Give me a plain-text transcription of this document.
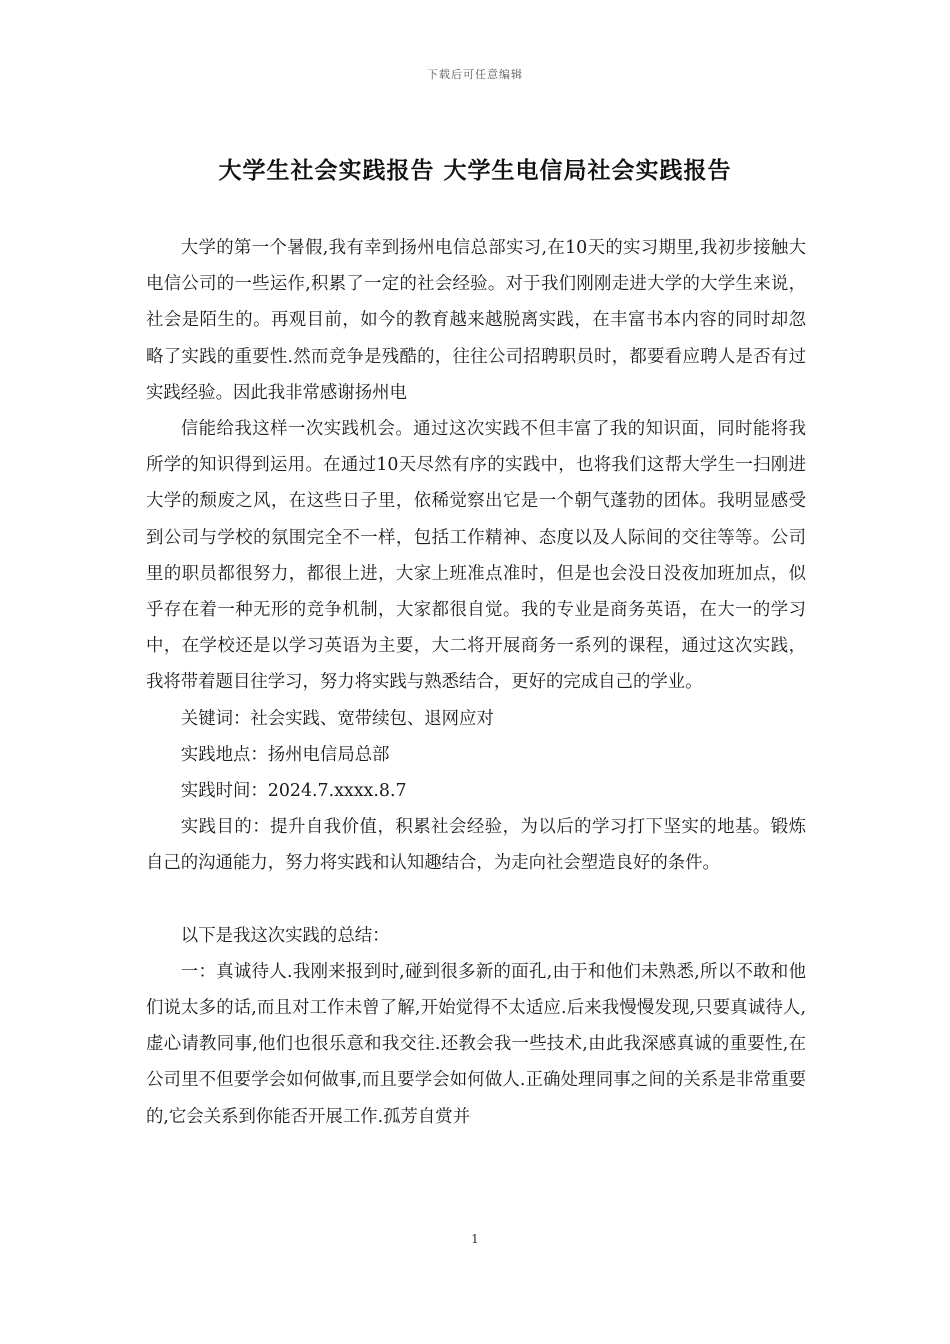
下载后可任意编辑
大学生社会实践报告 大学生电信局社会实践报告

大学的第一个暑假,我有幸到扬州电信总部实习,在10天的实习期里,我初步接触大电信公司的一些运作,积累了一定的社会经验。对于我们刚刚走进大学的大学生来说，社会是陌生的。再观目前，如今的教育越来越脱离实践，在丰富书本内容的同时却忽略了实践的重要性.然而竞争是残酷的，往往公司招聘职员时，都要看应聘人是否有过实践经验。因此我非常感谢扬州电

信能给我这样一次实践机会。通过这次实践不但丰富了我的知识面，同时能将我所学的知识得到运用。在通过10天尽然有序的实践中，也将我们这帮大学生一扫刚进大学的颓废之风，在这些日子里，依稀觉察出它是一个朝气蓬勃的团体。我明显感受到公司与学校的氛围完全不一样，包括工作精神、态度以及人际间的交往等等。公司里的职员都很努力，都很上进，大家上班准点准时，但是也会没日没夜加班加点，似乎存在着一种无形的竞争机制，大家都很自觉。我的专业是商务英语，在大一的学习中，在学校还是以学习英语为主要，大二将开展商务一系列的课程，通过这次实践，我将带着题目往学习，努力将实践与熟悉结合，更好的完成自己的学业。

关键词：社会实践、宽带续包、退网应对

实践地点：扬州电信局总部

实践时间：2024.7.xxxx.8.7

实践目的：提升自我价值，积累社会经验，为以后的学习打下坚实的地基。锻炼自己的沟通能力，努力将实践和认知趣结合，为走向社会塑造良好的条件。

以下是我这次实践的总结：

一：真诚待人.我刚来报到时,碰到很多新的面孔,由于和他们未熟悉,所以不敢和他们说太多的话,而且对工作未曾了解,开始觉得不太适应.后来我慢慢发现,只要真诚待人,虚心请教同事,他们也很乐意和我交往.还教会我一些技术,由此我深感真诚的重要性,在公司里不但要学会如何做事,而且要学会如何做人.正确处理同事之间的关系是非常重要的,它会关系到你能否开展工作.孤芳自赏并

1
